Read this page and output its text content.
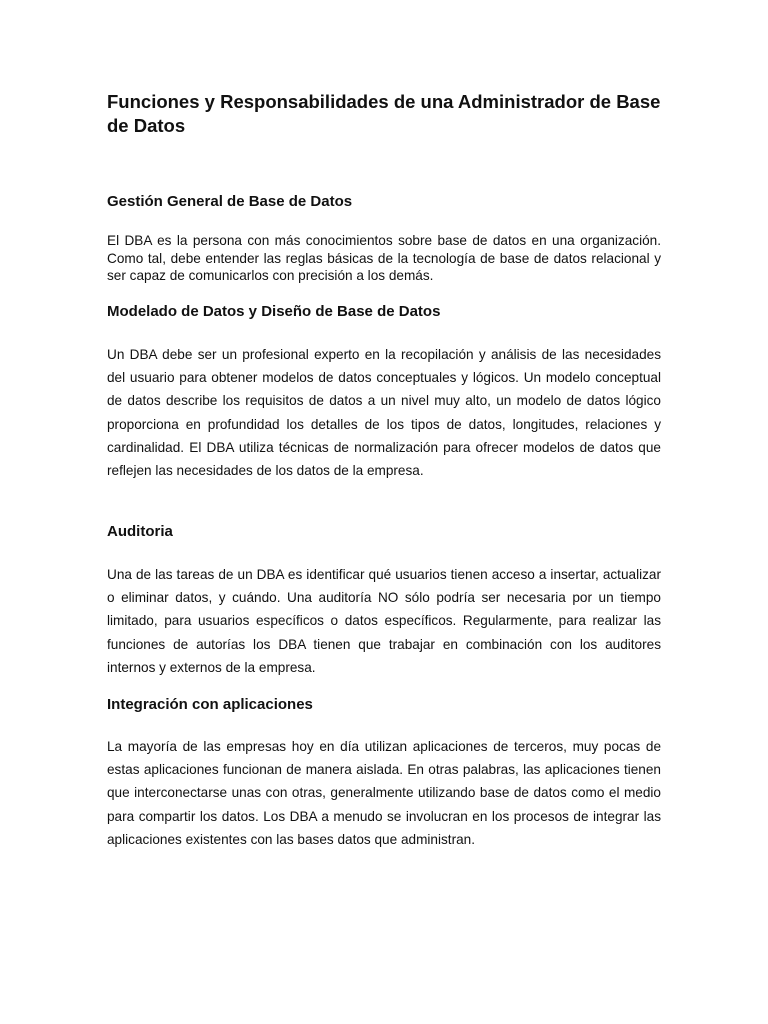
Funciones y Responsabilidades de una Administrador de Base de Datos
Gestión General de Base de Datos

El DBA es la persona con más conocimientos sobre base de datos en una organización. Como tal, debe entender las reglas básicas de la tecnología de base de datos relacional y ser capaz de comunicarlos con precisión a los demás.

Modelado de Datos y Diseño de Base de Datos

Un DBA debe ser un profesional experto en la recopilación y análisis de las necesidades del usuario para obtener modelos de datos conceptuales y lógicos. Un modelo conceptual de datos describe los requisitos de datos a un nivel muy alto, un modelo de datos lógico proporciona en profundidad los detalles de los tipos de datos, longitudes, relaciones y cardinalidad. El DBA utiliza técnicas de normalización para ofrecer modelos de datos que reflejen las necesidades de los datos de la empresa.

Auditoria

Una de las tareas de un DBA es identificar qué usuarios tienen acceso a insertar, actualizar o eliminar datos, y cuándo. Una auditoría NO sólo podría ser necesaria por un tiempo limitado, para usuarios específicos o datos específicos. Regularmente, para realizar las funciones de autorías los DBA tienen que trabajar en combinación con los auditores internos y externos de la empresa.

Integración con aplicaciones

La mayoría de las empresas hoy en día utilizan aplicaciones de terceros, muy pocas de estas aplicaciones funcionan de manera aislada. En otras palabras, las aplicaciones tienen que interconectarse unas con otras, generalmente utilizando base de datos como el medio para compartir los datos. Los DBA a menudo se involucran en los procesos de integrar las aplicaciones existentes con las bases datos que administran.
